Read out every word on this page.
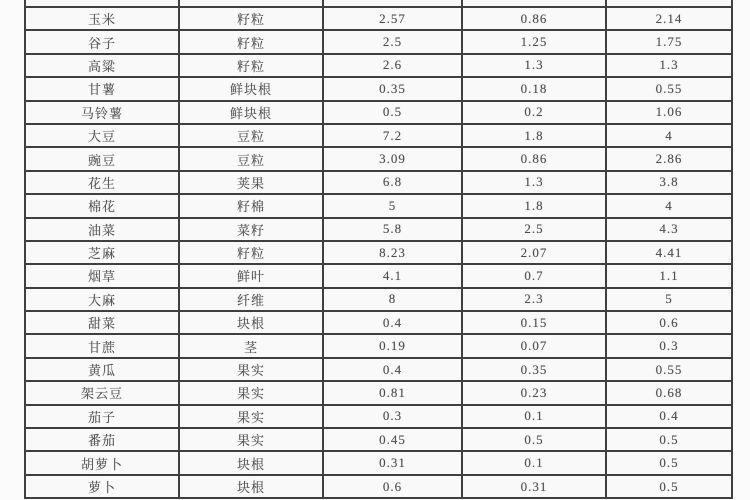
玉米	籽粒	2.57	0.86	2.14
谷子	籽粒	2.5	1.25	1.75
高粱	籽粒	2.6	1.3	1.3
甘薯	鲜块根	0.35	0.18	0.55
马铃薯	鲜块根	0.5	0.2	1.06
大豆	豆粒	7.2	1.8	4
豌豆	豆粒	3.09	0.86	2.86
花生	荚果	6.8	1.3	3.8
棉花	籽棉	5	1.8	4
油菜	菜籽	5.8	2.5	4.3
芝麻	籽粒	8.23	2.07	4.41
烟草	鲜叶	4.1	0.7	1.1
大麻	纤维	8	2.3	5
甜菜	块根	0.4	0.15	0.6
甘蔗	茎	0.19	0.07	0.3
黄瓜	果实	0.4	0.35	0.55
架云豆	果实	0.81	0.23	0.68
茄子	果实	0.3	0.1	0.4
番茄	果实	0.45	0.5	0.5
胡萝卜	块根	0.31	0.1	0.5
萝卜	块根	0.6	0.31	0.5
